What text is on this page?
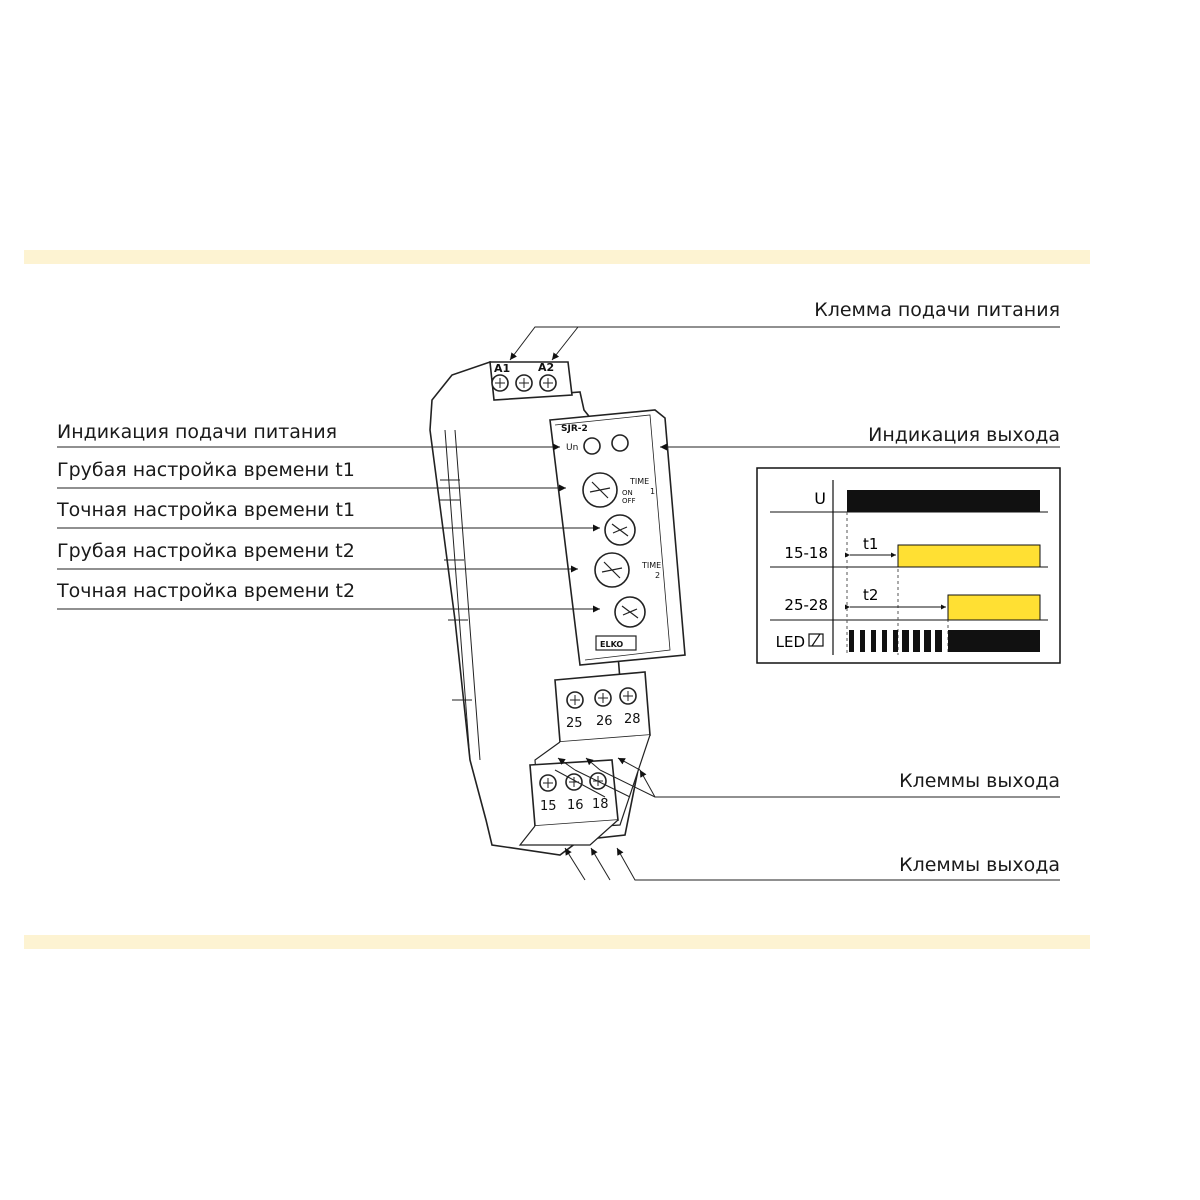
A1	A2
SJR-2
Un
TIME
1
ON
OFF
TIME
2
ELKO
25 26 28
15 16 18
U
15-18
25-28
LED
t1
t2
Клемма подачи питания
Индикация подачи питания	Индикация выхода
Грубая настройка времени t1
Точная настройка времени t1
Грубая настройка времени t2
Точная настройка времени t2
Клеммы выхода
Клеммы выхода
